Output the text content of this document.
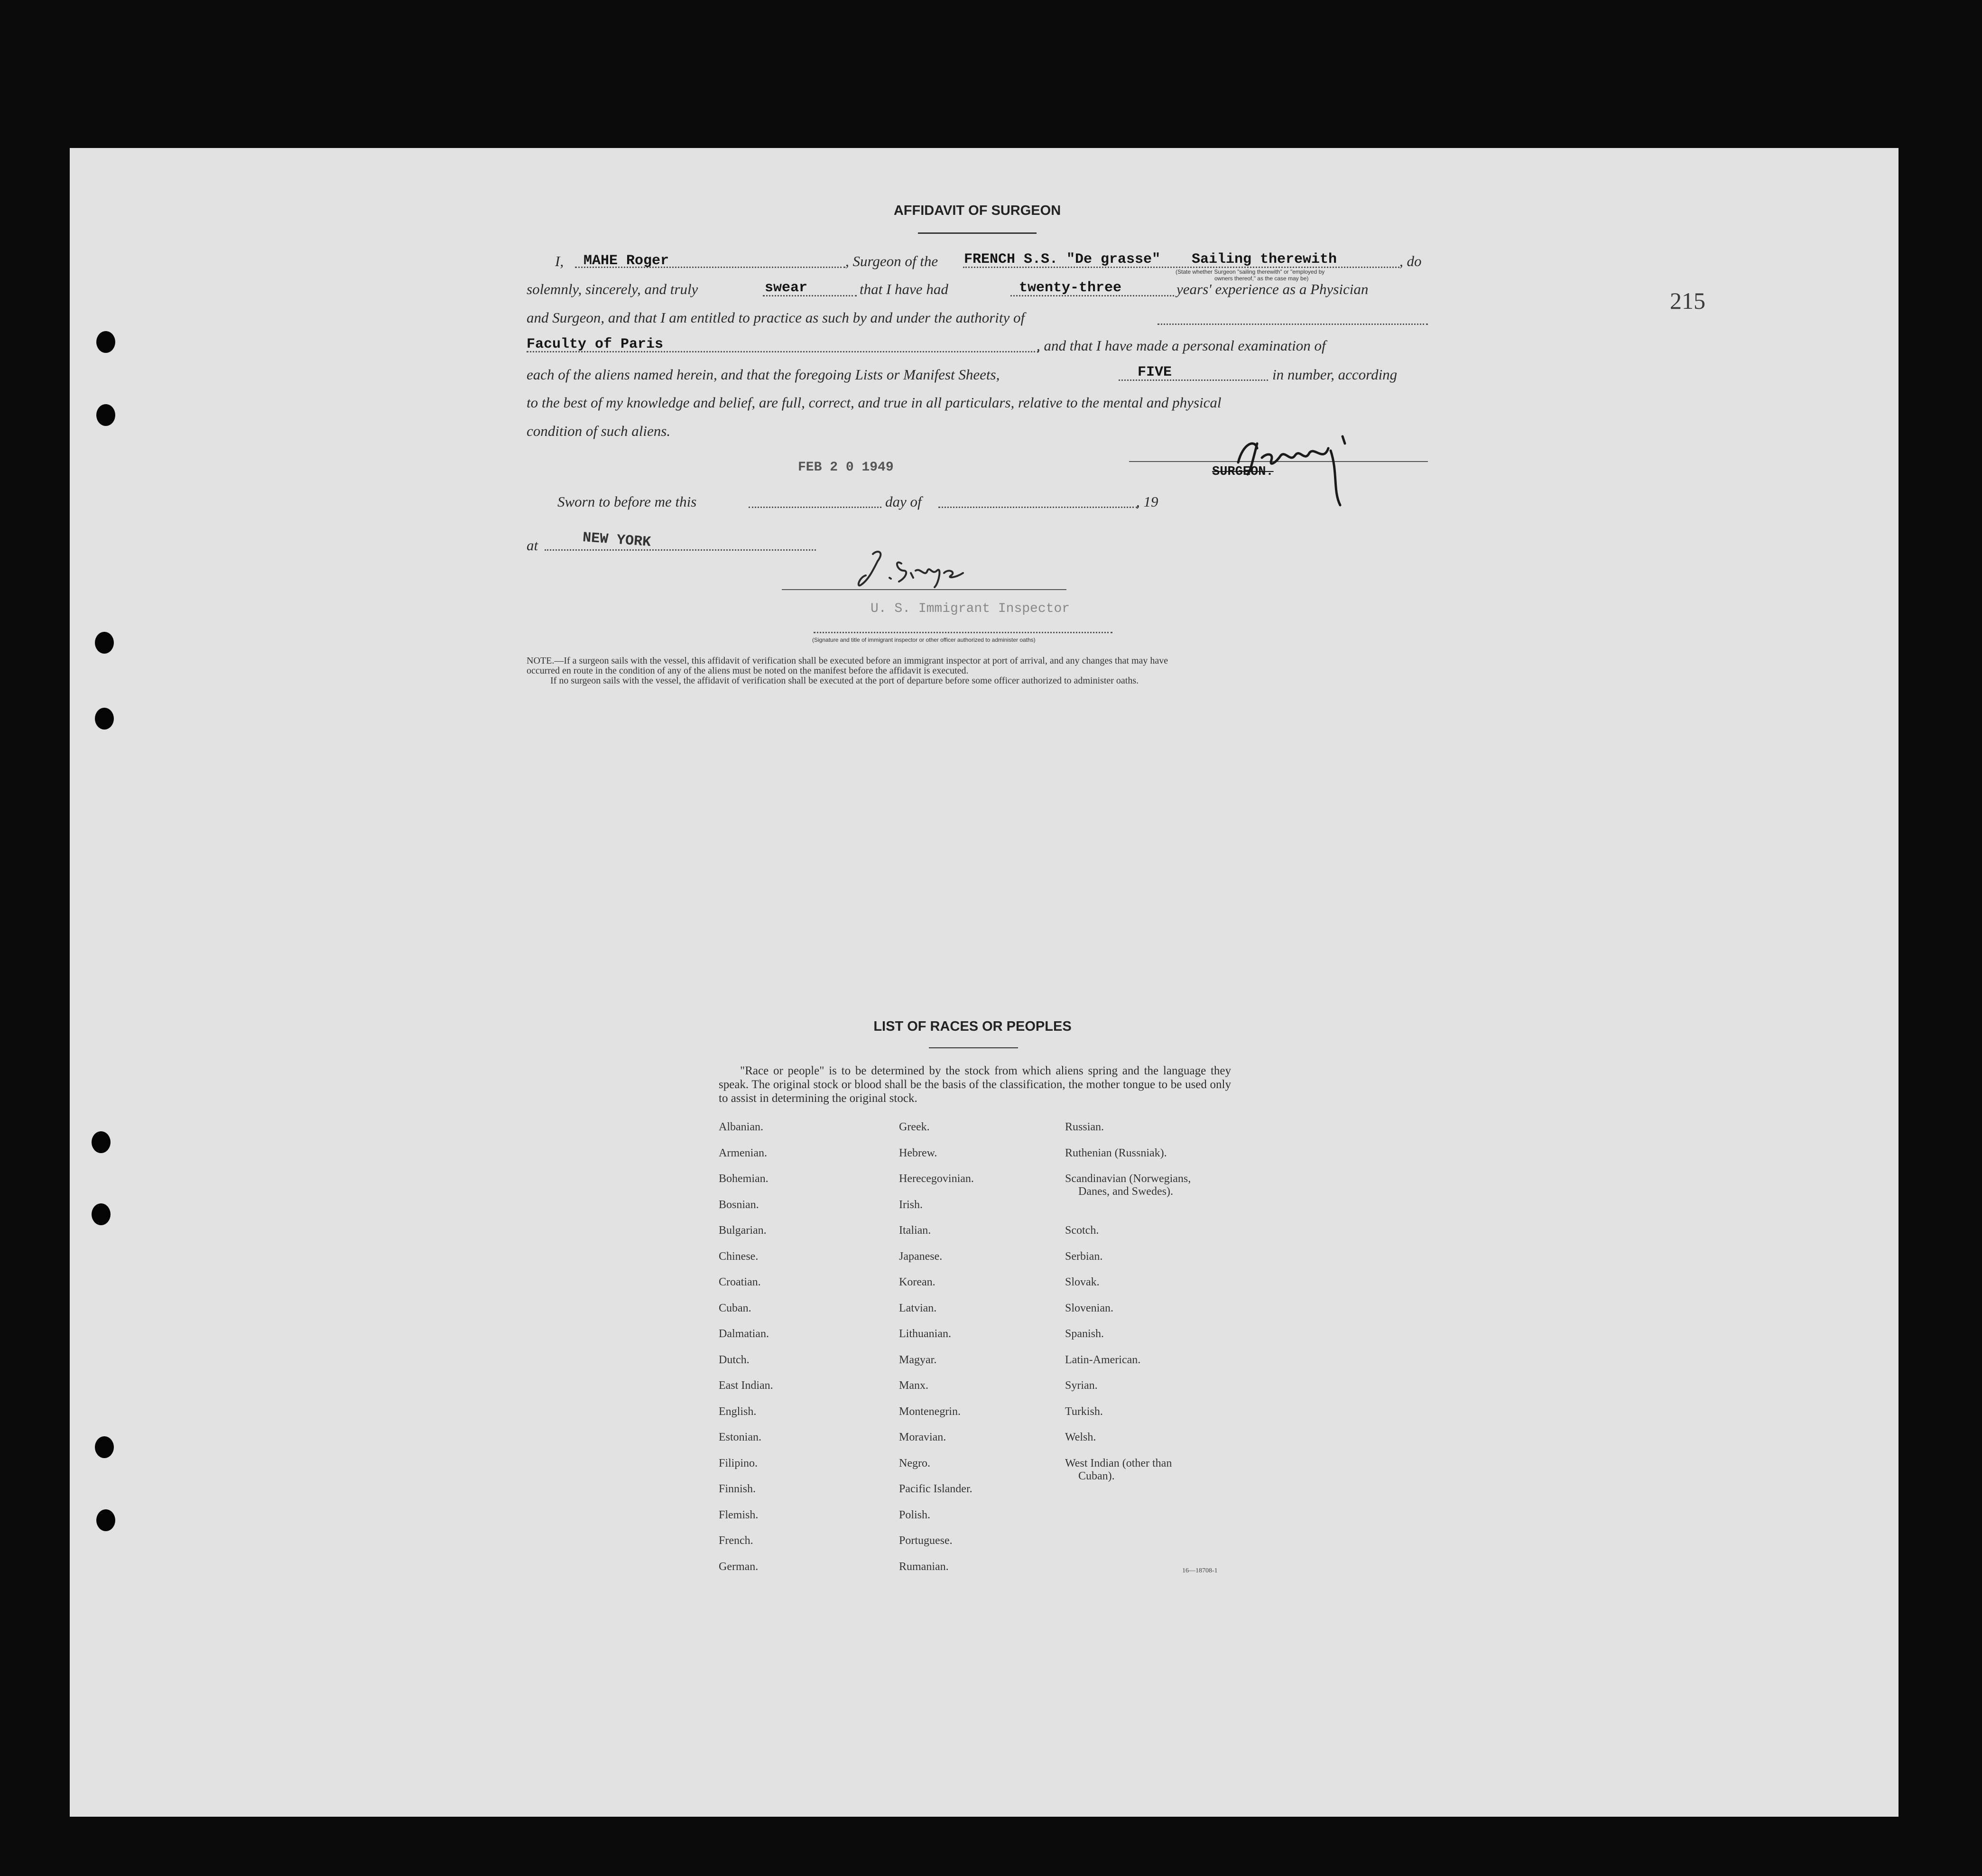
215
AFFIDAVIT OF SURGEON
I, MAHE Roger	, Surgeon of the FRENCH S.S. "De grasse" Sailing therewith	, do
(State whether Surgeon "sailing therewith" or "employed by
owners thereof," as the case may be)
solemnly, sincerely, and truly	swear	that I have had	twenty-three	years' experience as a Physician
and Surgeon, and that I am entitled to practice as such by and under the authority of
Faculty of Paris	, and that I have made a personal examination of
each of the aliens named herein, and that the foregoing Lists or Manifest Sheets,	FIVE	in number, according
to the best of my knowledge and belief, are full, correct, and true in all particulars, relative to the mental and physical
condition of such aliens.
FEB 2 0 1949	SURGEON.
Sworn to before me this	day of	, 19
at	NEW YORK
U. S. Immigrant Inspector
(Signature and title of immigrant inspector or other officer authorized to administer oaths)
NOTE.—If a surgeon sails with the vessel, this affidavit of verification shall be executed before an immigrant inspector at port of arrival, and any changes that may have
occurred en route in the condition of any of the aliens must be noted on the manifest before the affidavit is executed.
If no surgeon sails with the vessel, the affidavit of verification shall be executed at the port of departure before some officer authorized to administer oaths.
LIST OF RACES OR PEOPLES
"Race or people" is to be determined by the stock from which aliens spring and the language they speak. The original stock or blood shall be the basis of the classification, the mother tongue to be used only to assist in determining the original stock.
Albanian.
Armenian.
Bohemian.
Bosnian.
Bulgarian.
Chinese.
Croatian.
Cuban.
Dalmatian.
Dutch.
East Indian.
English.
Estonian.
Filipino.
Finnish.
Flemish.
French.
German.
Greek.
Hebrew.
Herecegovinian.
Irish.
Italian.
Japanese.
Korean.
Latvian.
Lithuanian.
Magyar.
Manx.
Montenegrin.
Moravian.
Negro.
Pacific Islander.
Polish.
Portuguese.
Rumanian.
Russian.
Ruthenian (Russniak).
Scandinavian (Norwegians,
Danes, and Swedes).
Scotch.
Serbian.
Slovak.
Slovenian.
Spanish.
Latin-American.
Syrian.
Turkish.
Welsh.
West Indian (other than
Cuban).
16—18708-1
